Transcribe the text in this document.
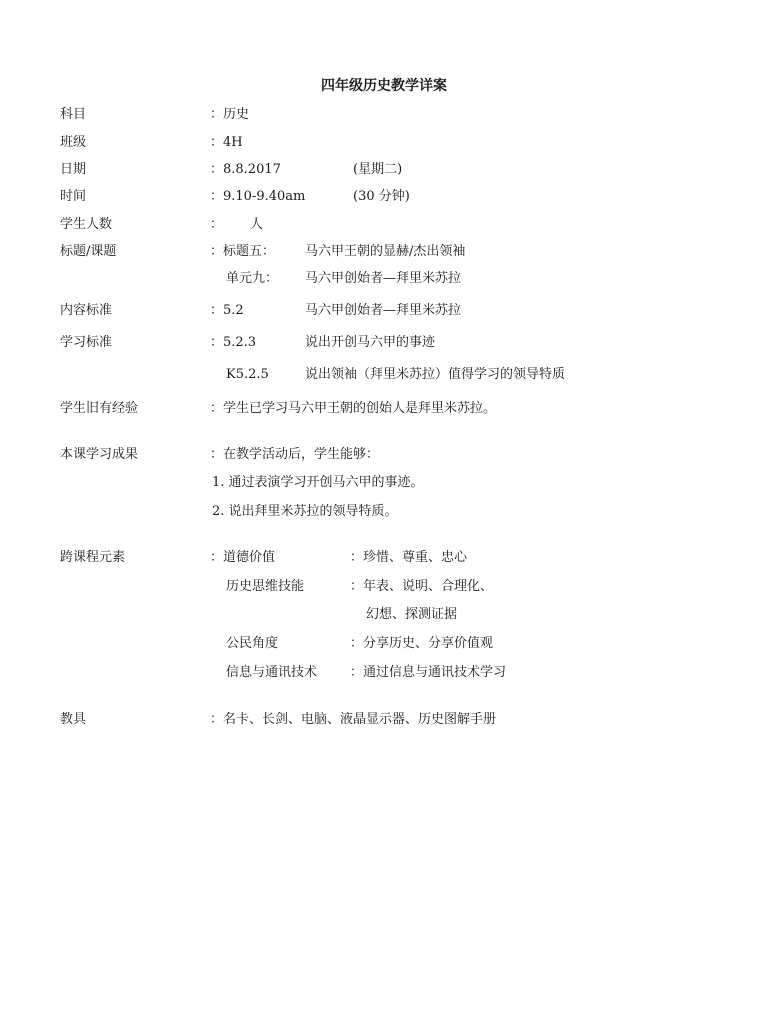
四年级历史教学详案
科目	：历史
班级	：4H
日期	：8.8.2017	(星期二)
时间	：9.10-9.40am	(30 分钟)
学生人数	： 人
标题/课题	：标题五： 马六甲王朝的显赫/杰出领袖
单元九： 马六甲创始者—拜里米苏拉
内容标准	：5.2	马六甲创始者—拜里米苏拉
学习标准	：5.2.3	说出开创马六甲的事迹
K5.2.5	说出领袖（拜里米苏拉）值得学习的领导特质
学生旧有经验	：学生已学习马六甲王朝的创始人是拜里米苏拉。
本课学习成果	：在教学活动后，学生能够：
1. 通过表演学习开创马六甲的事迹。
2. 说出拜里米苏拉的领导特质。
跨课程元素	：道德价值	：珍惜、尊重、忠心
历史思维技能	：年表、说明、合理化、
幻想、探测证据
公民角度	：分享历史、分享价值观
信息与通讯技术	：通过信息与通讯技术学习
教具	：名卡、长剑、电脑、液晶显示器、历史图解手册
